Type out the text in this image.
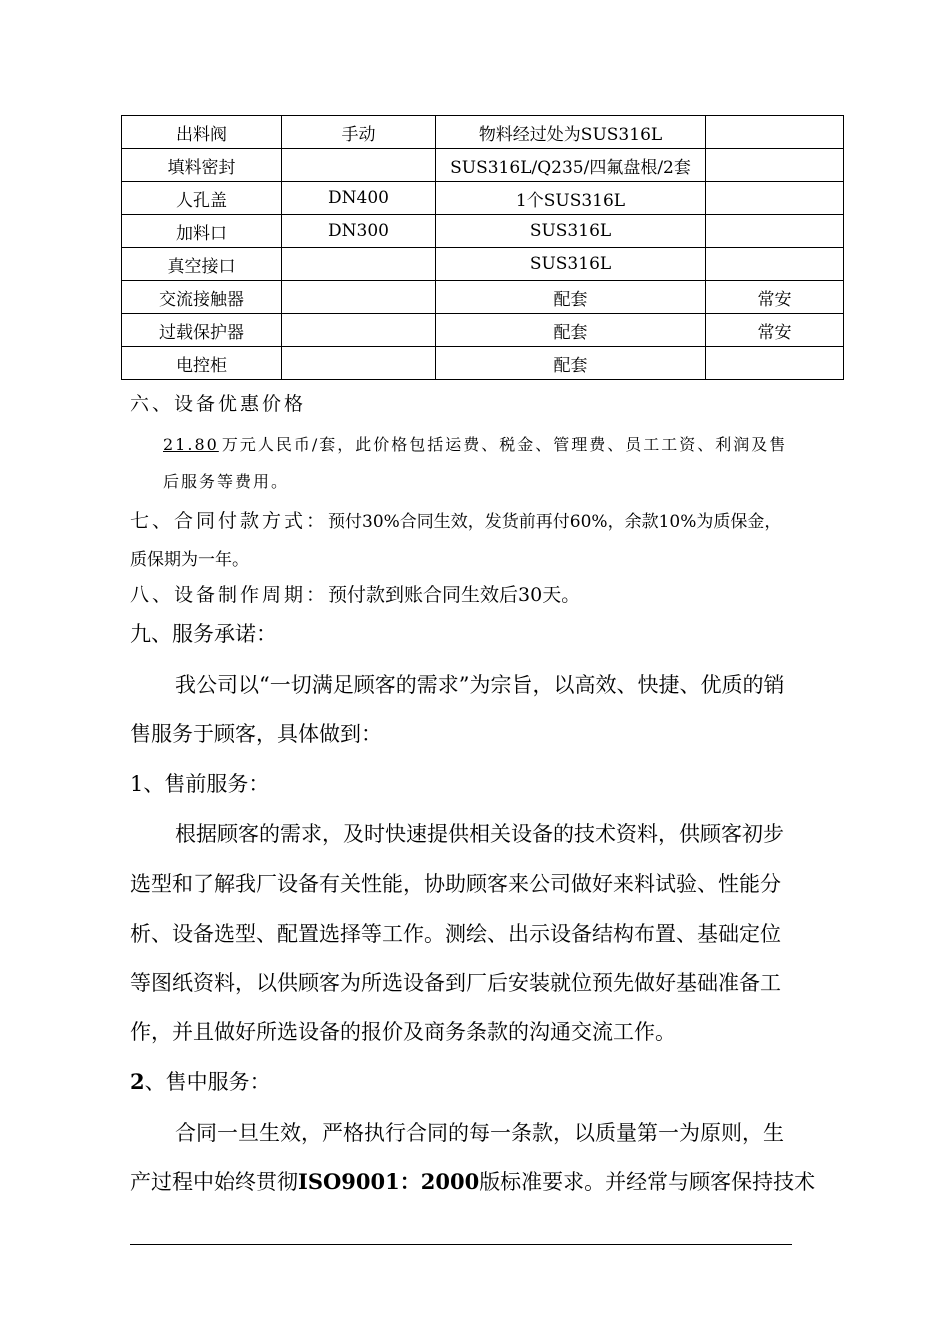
出料阀	手动	物料经过处为SUS316L	
填料密封		SUS316L/Q235/四氟盘根/2套	
人孔盖	DN400	1个SUS316L	
加料口	DN300	SUS316L	
真空接口		SUS316L	
交流接触器		配套	常安
过载保护器		配套	常安
电控柜		配套	
六、设备优惠价格
21.80 万元人民币/套，此价格包括运费、税金、管理费、员工工资、利润及售
后服务等费用。
七、合同付款方式：预付30%合同生效，发货前再付60%，余款10%为质保金，
质保期为一年。
八、设备制作周期：预付款到账合同生效后30天。
九、服务承诺：
我公司以“一切满足顾客的需求”为宗旨，以高效、快捷、优质的销
售服务于顾客，具体做到：
1、售前服务：
根据顾客的需求，及时快速提供相关设备的技术资料，供顾客初步
选型和了解我厂设备有关性能，协助顾客来公司做好来料试验、性能分
析、设备选型、配置选择等工作。测绘、出示设备结构布置、基础定位
等图纸资料，以供顾客为所选设备到厂后安装就位预先做好基础准备工
作，并且做好所选设备的报价及商务条款的沟通交流工作。
2、售中服务：
合同一旦生效，严格执行合同的每一条款，以质量第一为原则，生
产过程中始终贯彻ISO9001：2000版标准要求。并经常与顾客保持技术
